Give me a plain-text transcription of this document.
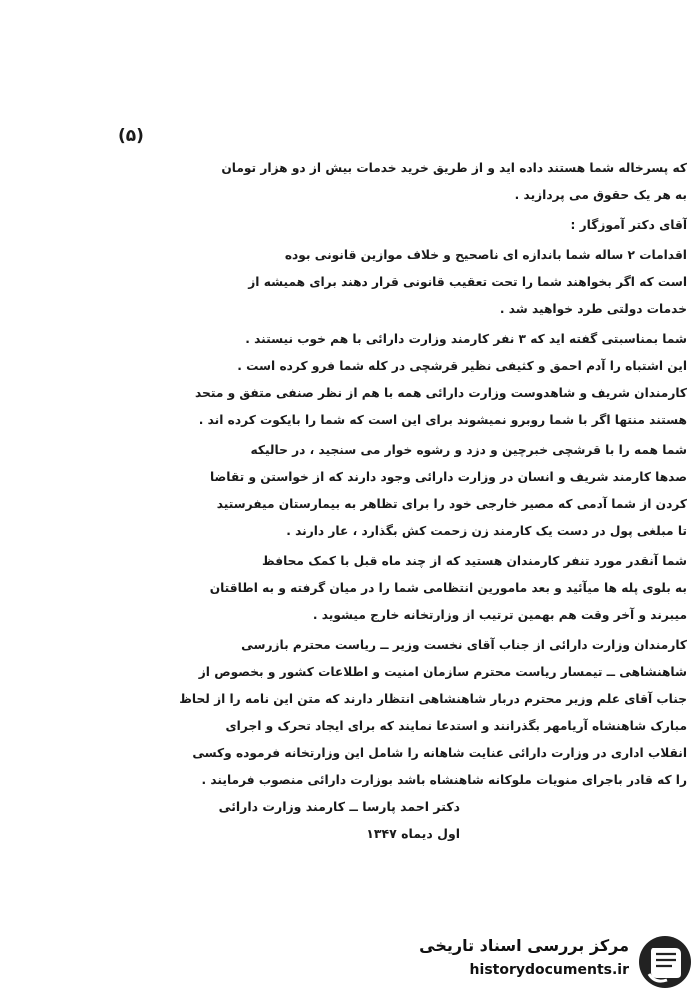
(۵)

که پسرخاله شما هستند داده اید و از طریق خرید خدمات بیش از دو هزار تومان
به هر یک حقوق می پردازید .

آقای دکتر آموزگار :

اقدامات ۲ ساله شما باندازه ای ناصحیح و خلاف موازین قانونی بوده
است که اگر بخواهند شما را تحت تعقیب قانونی قرار دهند برای همیشه از
خدمات دولتی طرد خواهید شد .

شما بمناسبتی گفته اید که ۳ نفر کارمند وزارت دارائی با هم خوب نیستند .
این اشتباه را آدم احمق و کثیفی نظیر قرشچی در کله شما فرو کرده است .
کارمندان شریف و شاهدوست وزارت دارائی همه با هم از نظر صنفی متفق و متحد
هستند منتها اگر با شما روبرو نمیشوند برای این است که شما را بایکوت کرده اند .

شما همه را با قرشچی خبرچین و دزد و رشوه خوار می سنجید ، در حالیکه
صدها کارمند شریف و انسان در وزارت دارائی وجود دارند که از خواستن و تقاضا
کردن از شما آدمی که مصیر خارجی خود را برای تظاهر به بیمارستان میفرستید
تا مبلغی پول در دست یک کارمند زن زحمت کش بگذارد ، عار دارند .

شما آنقدر مورد تنفر کارمندان هستید که از چند ماه قبل با کمک محافظ
به بلوی پله ها میآئید و بعد مامورین انتظامی شما را در میان گرفته و به اطاقتان
میبرند و آخر وقت هم بهمین ترتیب از وزارتخانه خارج میشوید .

کارمندان وزارت دارائی از جناب آقای نخست وزیر ــ ریاست محترم بازرسی
شاهنشاهی ــ تیمسار ریاست محترم سازمان امنیت و اطلاعات کشور و بخصوص از
جناب آقای علم وزیر محترم دربار شاهنشاهی انتظار دارند که متن این نامه را از لحاظ
مبارک شاهنشاه آریامهر بگذرانند و استدعا نمایند که برای ایجاد تحرک و اجرای
انقلاب اداری در وزارت دارائی عنایت شاهانه را شامل این وزارتخانه فرموده وکسی
را که قادر باجرای منویات ملوکانه شاهنشاه باشد بوزارت دارائی منصوب فرمایند .

دکتر احمد پارسا ــ کارمند وزارت دارائی
اول دیماه ۱۳۴۷
مرکز بررسی اسناد تاریخی
historydocuments.ir
